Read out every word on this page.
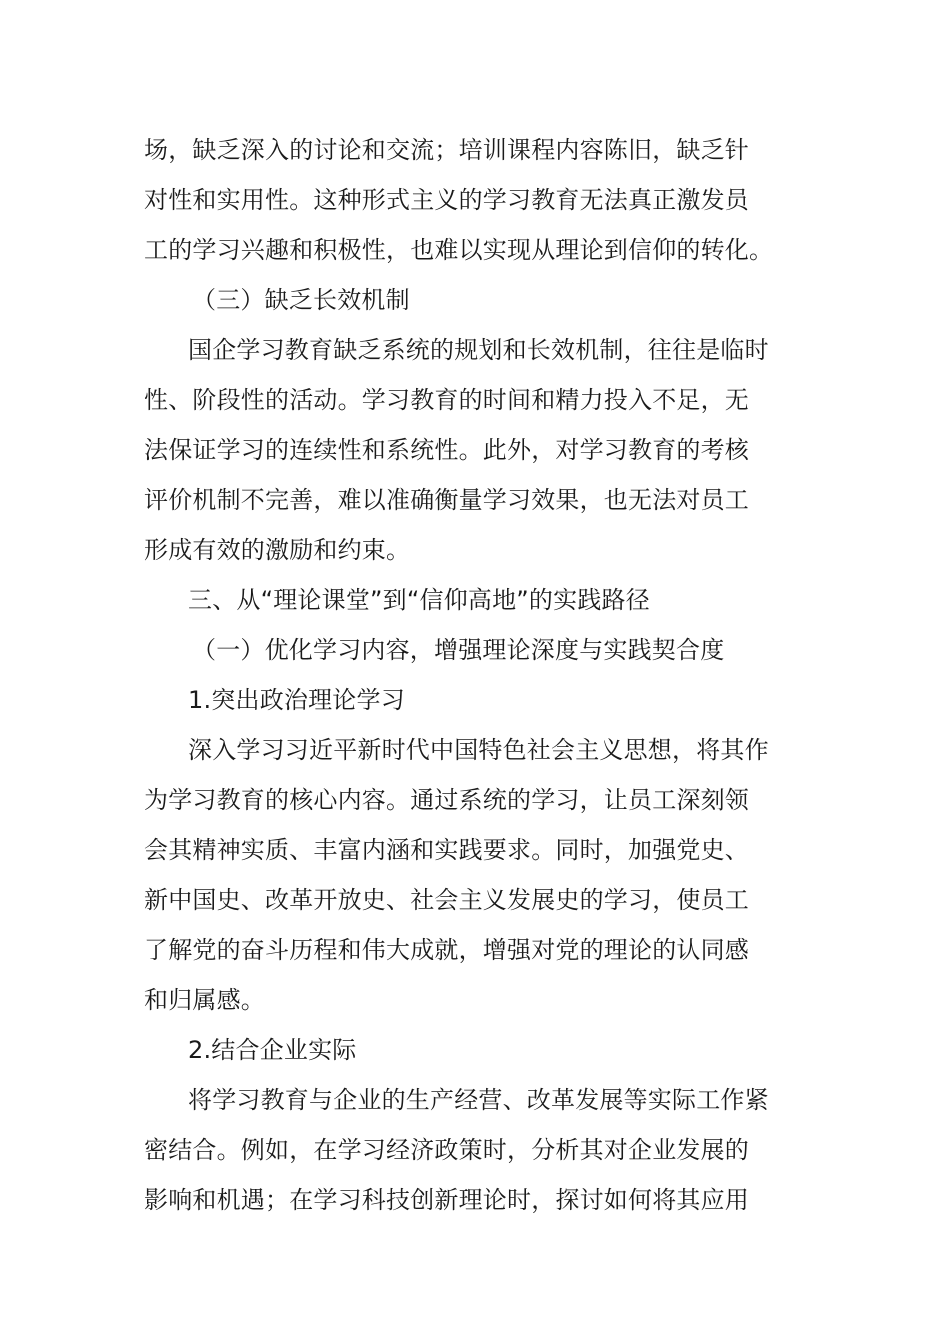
场，缺乏深入的讨论和交流；培训课程内容陈旧，缺乏针
对性和实用性。这种形式主义的学习教育无法真正激发员
工的学习兴趣和积极性，也难以实现从理论到信仰的转化。
（三）缺乏长效机制
国企学习教育缺乏系统的规划和长效机制，往往是临时
性、阶段性的活动。学习教育的时间和精力投入不足，无
法保证学习的连续性和系统性。此外，对学习教育的考核
评价机制不完善，难以准确衡量学习效果，也无法对员工
形成有效的激励和约束。
三、从“理论课堂”到“信仰高地”的实践路径
（一）优化学习内容，增强理论深度与实践契合度
1.突出政治理论学习
深入学习习近平新时代中国特色社会主义思想，将其作
为学习教育的核心内容。通过系统的学习，让员工深刻领
会其精神实质、丰富内涵和实践要求。同时，加强党史、
新中国史、改革开放史、社会主义发展史的学习，使员工
了解党的奋斗历程和伟大成就，增强对党的理论的认同感
和归属感。
2.结合企业实际
将学习教育与企业的生产经营、改革发展等实际工作紧
密结合。例如，在学习经济政策时，分析其对企业发展的
影响和机遇；在学习科技创新理论时，探讨如何将其应用
